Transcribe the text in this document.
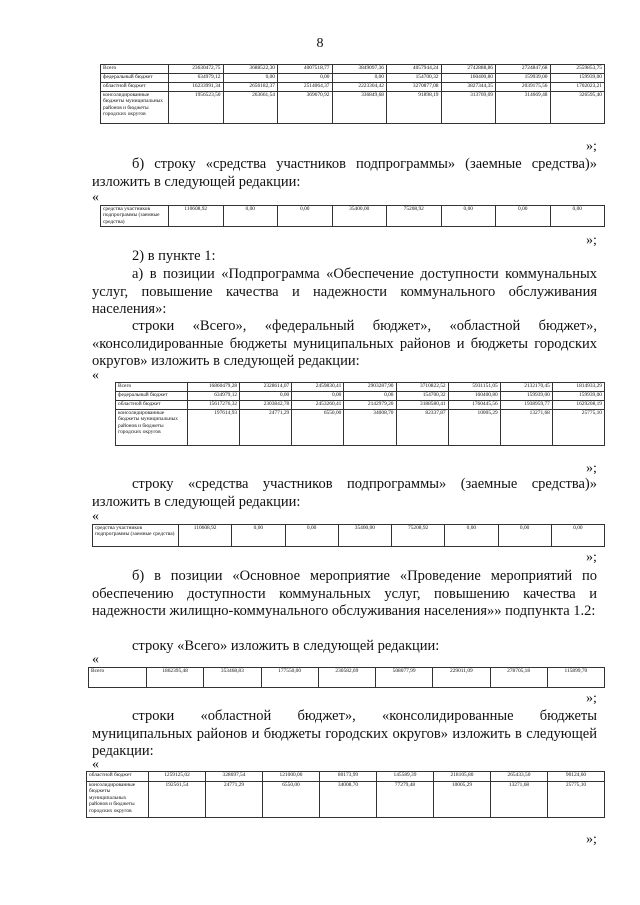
8
Всего	23630472,75	3688522,30	4007518,77	3849097,36	4057944,24	2742888,86	2724847,68	2559853,75
федеральный бюджет	634979,12	0,00	0,00	0,00	154700,32	160400,80	159939,00	159939,00
областной бюджет	16233991,34	2656182,37	2514064,37	2223304,42	3270877,08	3827344,35	2039175,56	1702023,21
консолидированные бюджеты муниципальных районов и бюджеты городских округов	1956523,50	263661,54	369670,92	336849,68	91898,19	313769,09	314669,48	326595,40
»;
б) строку «средства участников подпрограммы» (заемные средства)» изложить в следующей редакции:
«
средства участников подпрограммы (заемные средства)	110608,92	0,00	0,00	35400,00	75208,92	0,00	0,00	0,00
»;
2) в пункте 1:
а) в позиции «Подпрограмма «Обеспечение доступности коммунальных услуг, повышение качества и надежности коммунального обслуживания населения»:
строки «Всего», «федеральный бюджет», «областной бюджет», «консолидированные бюджеты муниципальных районов и бюджеты городских округов» изложить в следующей редакции:
«
Всего	16860479,28	2328614,07	2459830,41	2903287,90	3710822,52	5931151,05	2132170,45	1814933,29
федеральный бюджет	634979,12	0,00	0,00	0,00	154700,32	160400,80	159939,00	159939,00
областной бюджет	15617276,32	2303842,78	2453260,41	2142979,20	3188580,41	1760445,56	1938959,77	1629208,19
консолидированные бюджеты муниципальных районов и бюджеты городских округов	197614,93	24771,29	6550,00	34008,70	82337,87	10005,29	13271,68	25775,10
»;
строку «средства участников подпрограммы» (заемные средства)» изложить в следующей редакции:
«
средства участников подпрограммы (заемные средства)	110608,92	0,00	0,00	35400,00	75208,92	0,00	0,00	0,00
»;
б) в позиции «Основное мероприятие «Проведение мероприятий по обеспечению доступности коммунальных услуг, повышению качества и надежности жилищно-коммунального обслуживания населения»» подпункта 1.2:
строку «Всего» изложить в следующей редакции:
«
Всего	1862395,48	353468,83	177550,00	230582,69	508077,99	229011,09	278705,18	115899,70
»;
строки «областной бюджет», «консолидированные бюджеты муниципальных районов и бюджеты городских округов» изложить в следующей редакции:
«
областной бюджет	1259125,02	328697,54	121000,00	80173,99	145589,39	218105,80	265433,50	90124,60
консолидированные бюджеты муниципальных районов и бюджеты городских округов	192561,54	24771,29	6550,00	34008,70	77279,48	10005,29	13271,68	25775,10
»;
